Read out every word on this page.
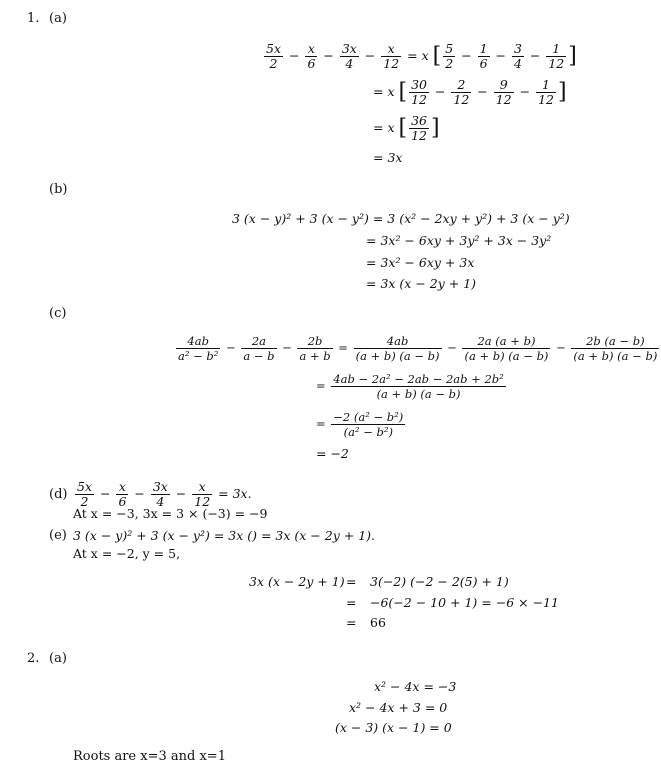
1. (a)
$\frac{5x}{2} - \frac{x}{6} - \frac{3x}{4} - \frac{x}{12} = x$ [ $\frac{5}{2} - \frac{1}{6} - \frac{3}{4} - \frac{1}{12}$ ]
= x [ $\frac{30}{12} - \frac{2}{12} - \frac{9}{12} - \frac{1}{12}$ ]
= x [ $\frac{36}{12}$ ]
= 3x
(b)
3 (x − y)² + 3 (x − y²) = 3 (x² − 2xy + y²) + 3 (x − y²)
= 3x² − 6xy + 3y² + 3x − 3y²
= 3x² − 6xy + 3x
= 3x (x − 2y + 1)
(c)
$\frac{4ab}{\text{a² − b²}} - \frac{2a}{a - b} - \frac{2b}{a + b} = \frac{4ab}{(a + b) (a - b)} - \frac{2a (a + b)}{(a + b) (a - b)} - \frac{2b (a - b)}{(a + b) (a - b)}$
= $\frac{\text{4ab − 2a² − 2ab − 2ab + 2b²}}{(a + b) (a - b)}$
= $\frac{\text{−2 (a² − b²)}}{\text{(a² − b²)}}$
= −2
$(d) \frac{5x}{2} - \frac{x}{6} - \frac{3x}{4} - \frac{x}{12} = 3x$.
At x = −3, 3x = 3 × (−3) = −9
(e) 3 (x − y)² + 3 (x − y²) = 3x () = 3x (x − 2y + 1).
At x = −2, y = 5,
3x (x − 2y + 1) = 3(−2) (−2 − 2(5) + 1)
= −6(−2 − 10 + 1) = −6 × −11
= 66
2. (a)
x² − 4x = −3
x² − 4x + 3 = 0
(x − 3) (x − 1) = 0
Roots are x=3 and x=1
